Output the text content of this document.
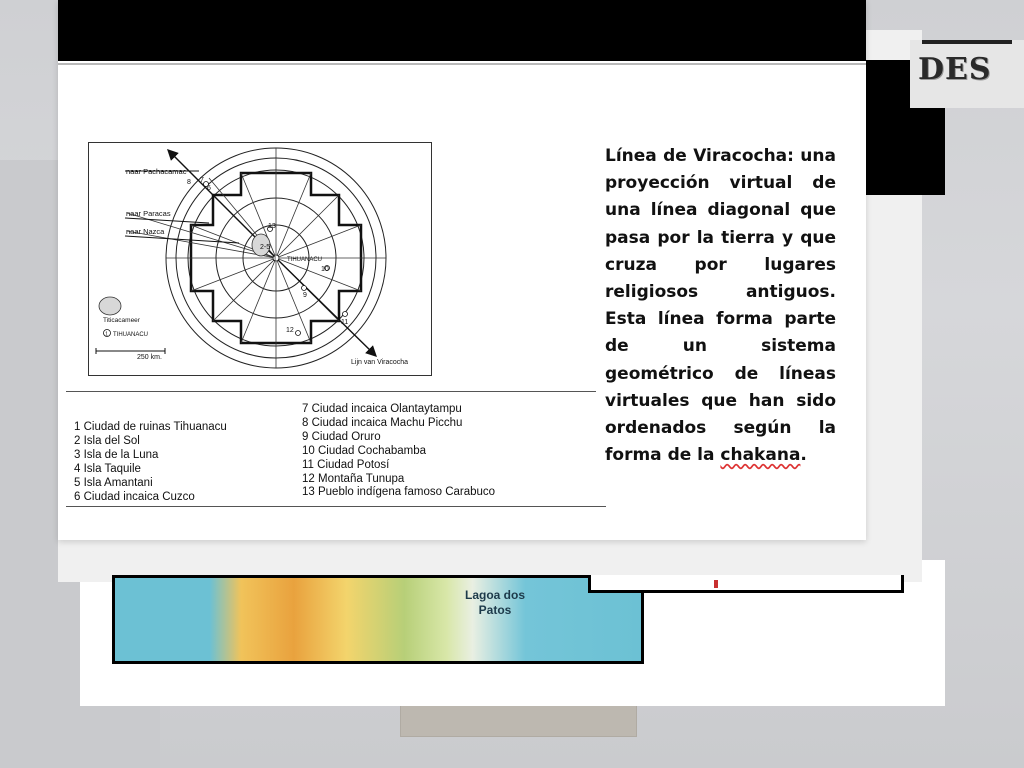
DES
Lagoa dos
Patos
naar Pachacamac
naar Paracas
naar Nazca
TIHUANACU
Titicacameer
TIHUANACU
250 km.
Lijn van Viracocha
1
8 7
6
13
2-5
1
10
9
12
11
1 Ciudad de ruinas Tihuanacu
2 Isla del Sol
3 Isla de la Luna
4 Isla Taquile
5 Isla Amantani
6 Ciudad incaica Cuzco
7 Ciudad incaica Olantaytampu
8 Ciudad incaica Machu Picchu
9 Ciudad Oruro
10 Ciudad Cochabamba
11 Ciudad Potosí
12 Montaña Tunupa
13 Pueblo indígena famoso Carabuco
Línea de Viracocha: una proyección virtual de una línea diagonal que pasa por la tierra y que cruza por lugares religiosos antiguos. Esta línea forma parte de un sistema geométrico de líneas virtuales que han sido ordenados según la forma de la chakana.
